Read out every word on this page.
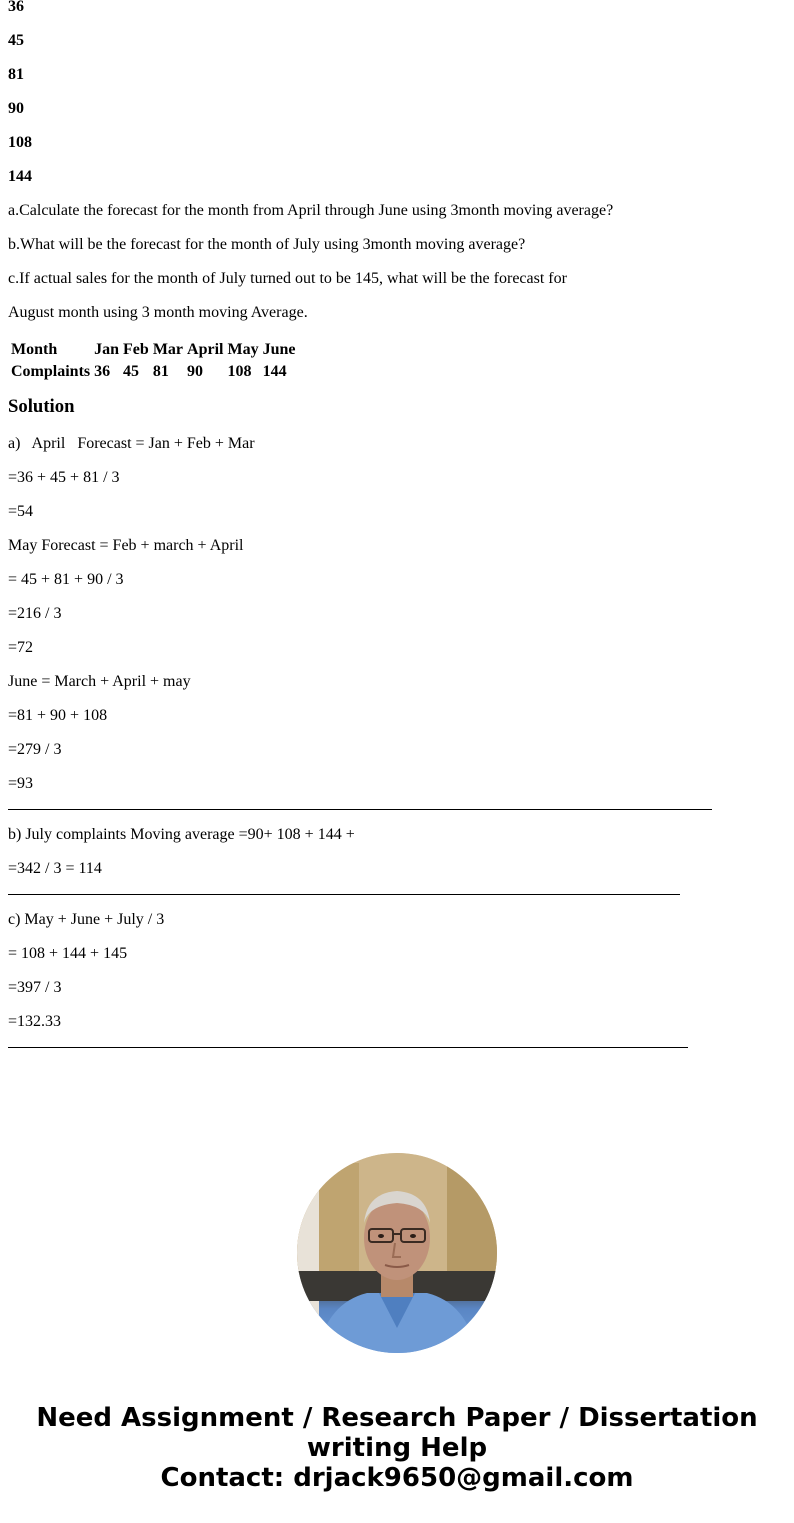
36
45
81
90
108
144
a.Calculate the forecast for the month from April through June using 3month moving average?
b.What will be the forecast for the month of July using 3month moving average?
c.If actual sales for the month of July turned out to be 145, what will be the forecast for
August month using 3 month moving Average.
Month	Jan	Feb	Mar	April	May	June
Complaints	36	45	81	90	108	144
Solution
a)   April   Forecast = Jan + Feb + Mar
=36 + 45 + 81 / 3
=54
May Forecast = Feb + march + April
= 45 + 81 + 90 / 3
=216 / 3
=72
June = March + April + may
=81 + 90 + 108
=279 / 3
=93
b) July complaints Moving average =90+ 108 + 144 +
=342 / 3 = 114
c) May + June + July / 3
= 108 + 144 + 145
=397 / 3
=132.33
Need Assignment / Research Paper / Dissertation
writing Help
Contact: drjack9650@gmail.com
